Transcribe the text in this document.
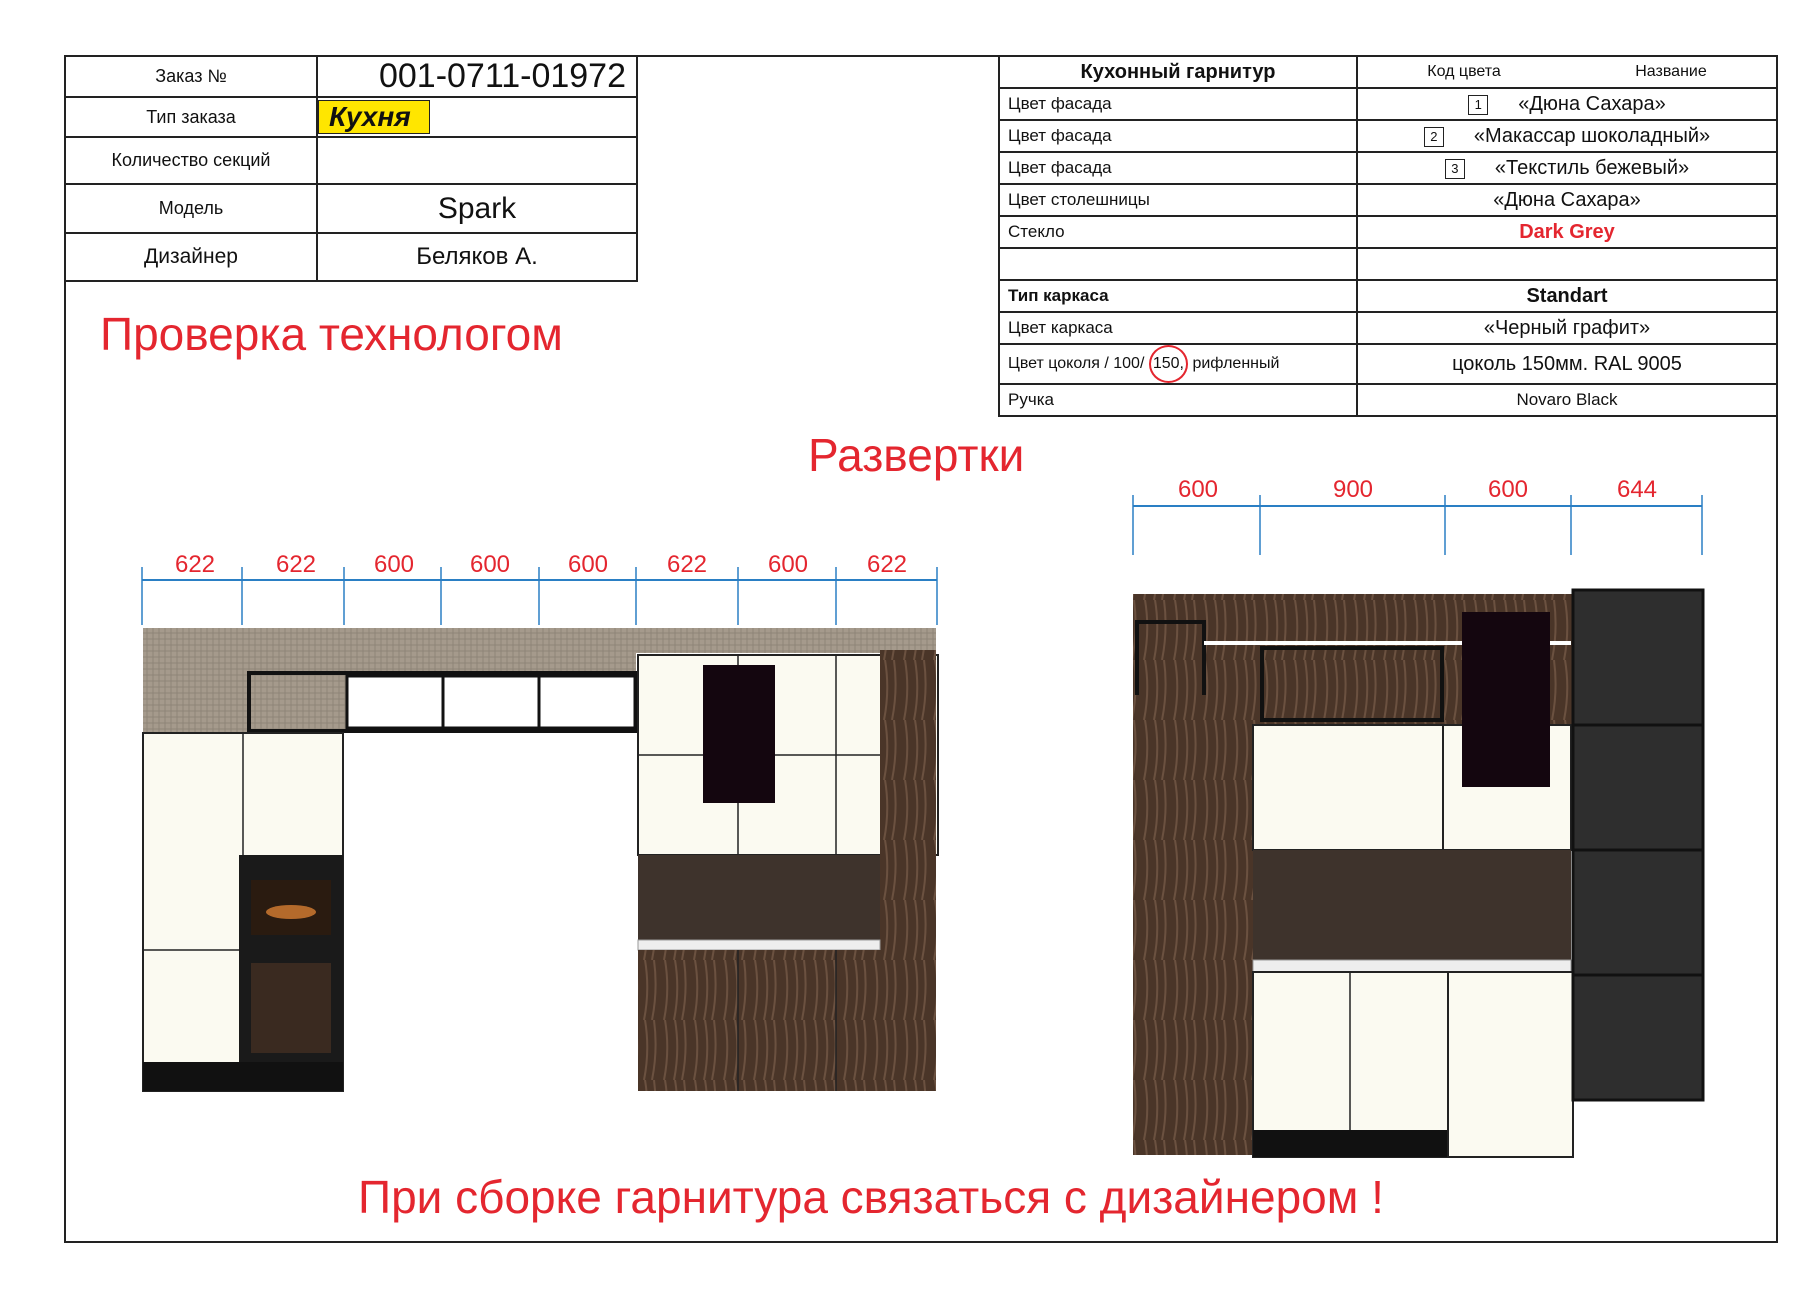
Заказ №	001-0711-01972
Тип заказа	Кухня
Количество секций	
Модель	Spark
Дизайнер	Беляков А.
Кухонный гарнитур	Код цвета Название
Цвет фасада	1 «Дюна Сахара»
Цвет фасада	2 «Макассар шоколадный»
Цвет фасада	3 «Текстиль бежевый»
Цвет столешницы	«Дюна Сахара»
Стекло	Dark Grey

Тип каркаса	Standart
Цвет каркаса	«Черный графит»
Цвет цоколя / 100/ 150, рифленный	цоколь 150мм. RAL 9005
Ручка	Novaro Black
Проверка технологом
Развертки
При сборке гарнитура связаться с дизайнером !
622	622 600 600 600 622	600 622
600	900	600	644
